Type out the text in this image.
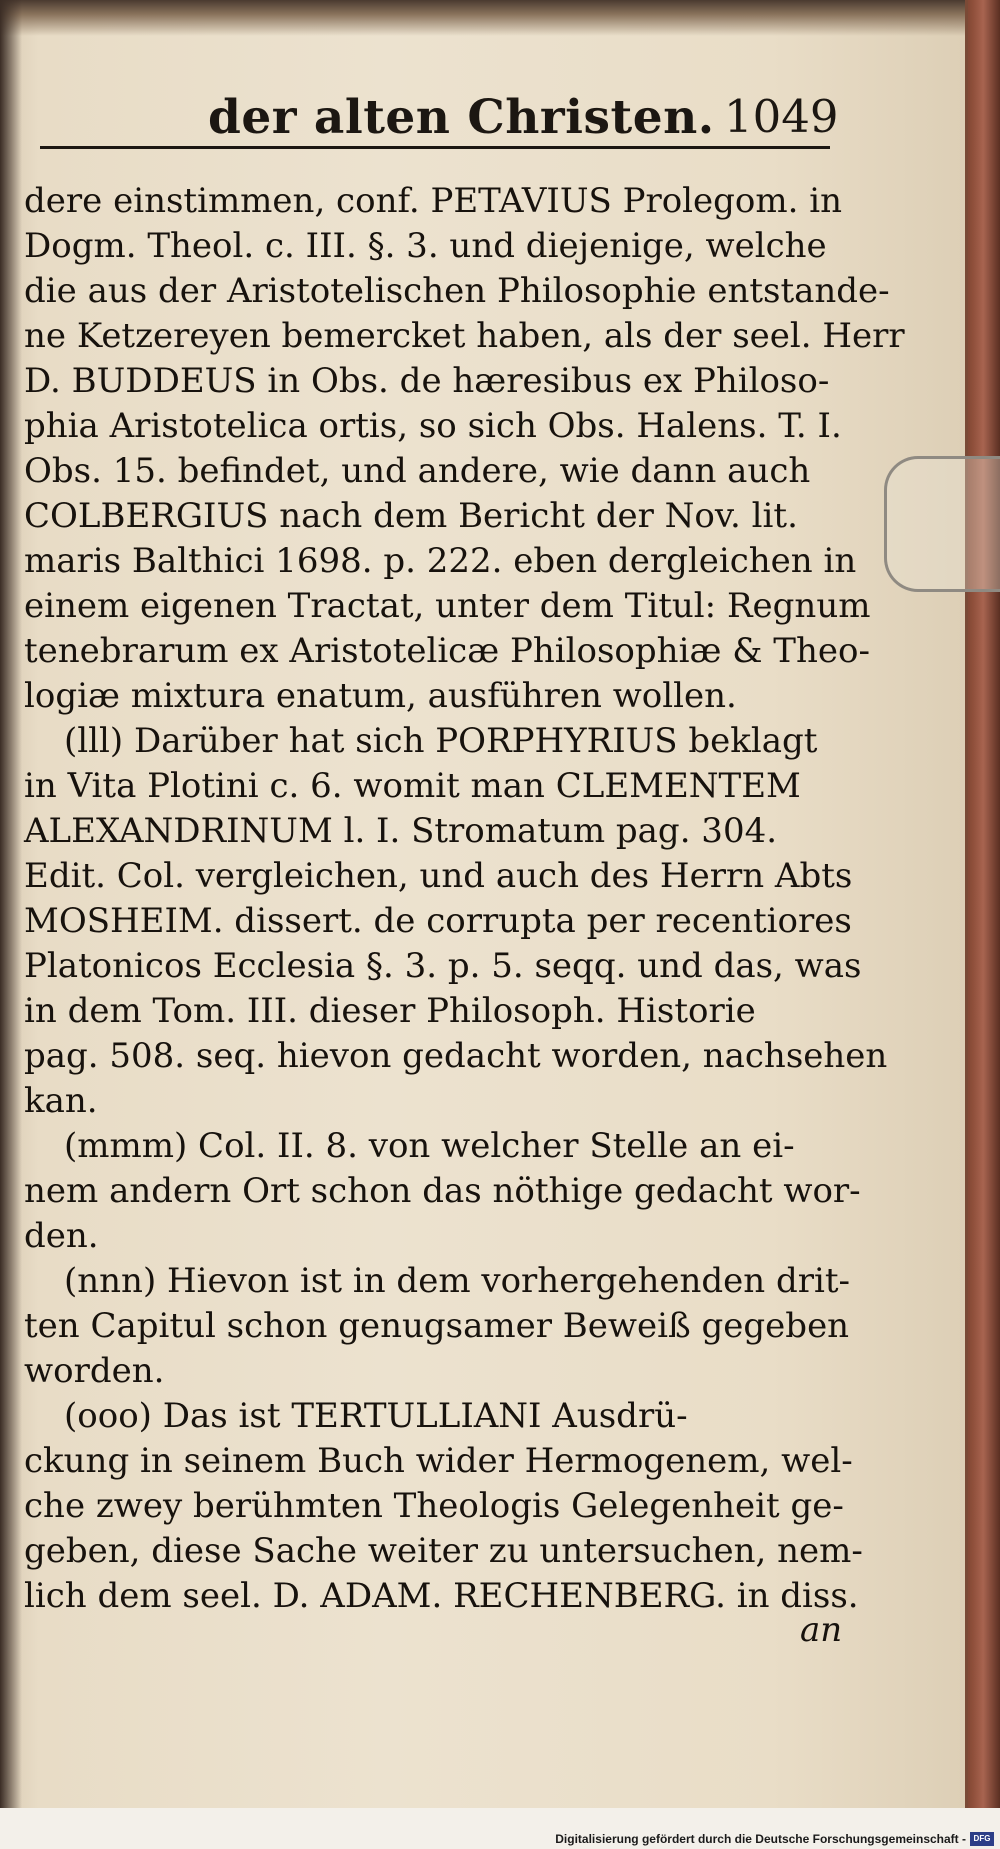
der alten Christen. 1049
dere einstimmen, conf. PETAVIUS Prolegom. in
Dogm. Theol. c. III. §. 3. und diejenige, welche
die aus der Aristotelischen Philosophie entstande-
ne Ketzereyen bemercket haben, als der seel. Herr
D. BUDDEUS in Obs. de hæresibus ex Philoso-
phia Aristotelica ortis, so sich Obs. Halens. T. I.
Obs. 15. befindet, und andere, wie dann auch
COLBERGIUS nach dem Bericht der Nov. lit.
maris Balthici 1698. p. 222. eben dergleichen in
einem eigenen Tractat, unter dem Titul: Regnum
tenebrarum ex Aristotelicæ Philosophiæ & Theo-
logiæ mixtura enatum, ausführen wollen.
(lll) Darüber hat sich PORPHYRIUS beklagt
in Vita Plotini c. 6. womit man CLEMENTEM
ALEXANDRINUM l. I. Stromatum pag. 304.
Edit. Col. vergleichen, und auch des Herrn Abts
MOSHEIM. dissert. de corrupta per recentiores
Platonicos Ecclesia §. 3. p. 5. seqq. und das, was
in dem Tom. III. dieser Philosoph. Historie
pag. 508. seq. hievon gedacht worden, nachsehen
kan.
(mmm) Col. II. 8. von welcher Stelle an ei-
nem andern Ort schon das nöthige gedacht wor-
den.
(nnn) Hievon ist in dem vorhergehenden drit-
ten Capitul schon genugsamer Beweiß gegeben
worden.
(ooo) Das ist TERTULLIANI Ausdrü-
ckung in seinem Buch wider Hermogenem, wel-
che zwey berühmten Theologis Gelegenheit ge-
geben, diese Sache weiter zu untersuchen, nem-
lich dem seel. D. ADAM. RECHENBERG. in diss.
an
Digitalisierung gefördert durch die Deutsche Forschungsgemeinschaft - DFG
